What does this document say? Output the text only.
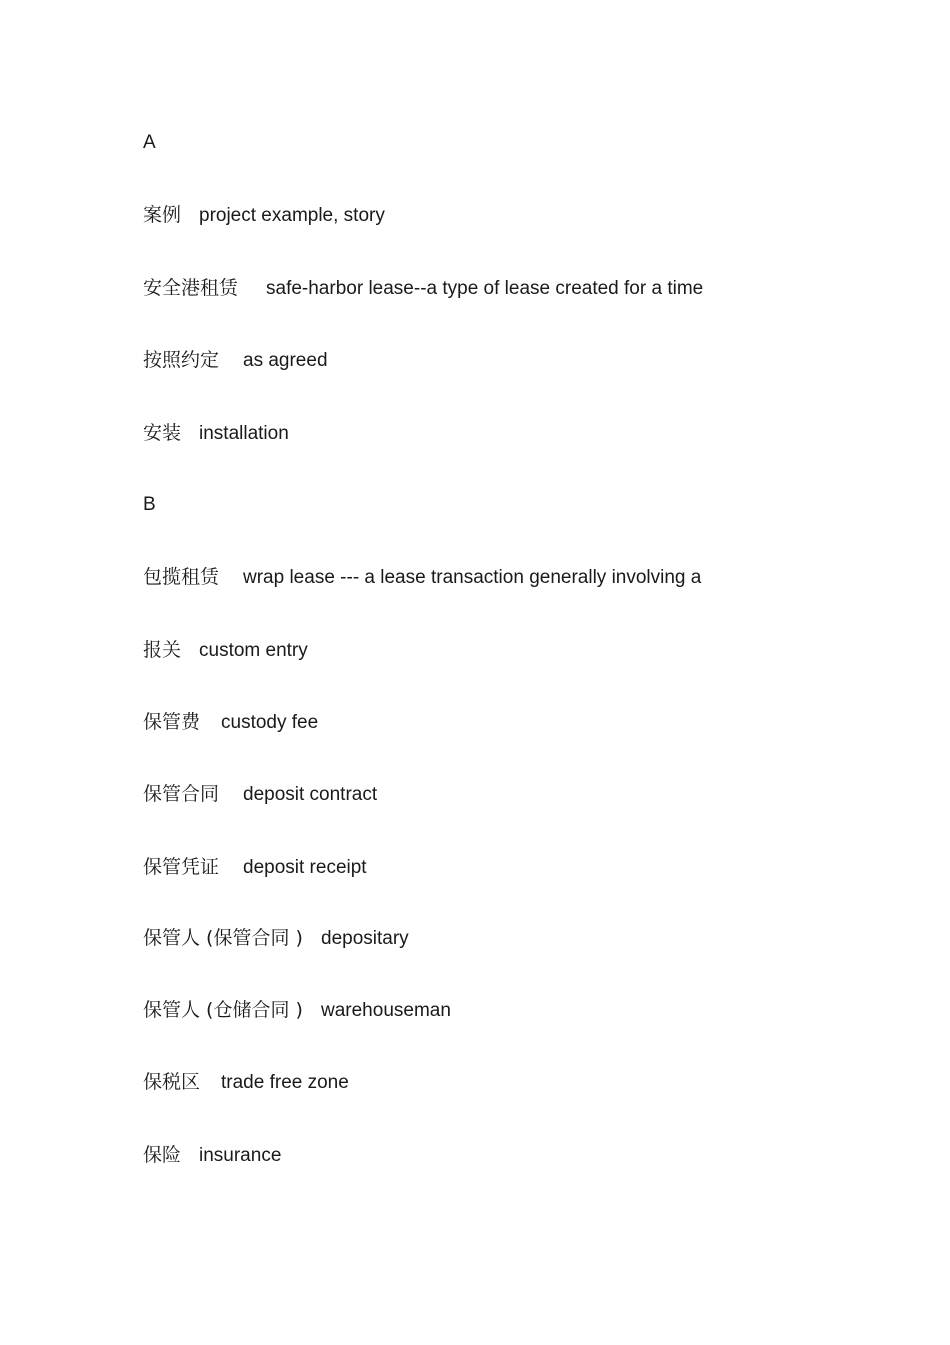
A
案例 project example, story
安全港租赁 safe-harbor lease--a type of lease created for a time
按照约定 as agreed
安装 installation
B
包揽租赁 wrap lease --- a lease transaction generally involving a
报关 custom entry
保管费 custody fee
保管合同 deposit contract
保管凭证 deposit receipt
保管人 (保管合同 ) depositary
保管人 (仓储合同 ) warehouseman
保税区 trade free zone
保险 insurance
